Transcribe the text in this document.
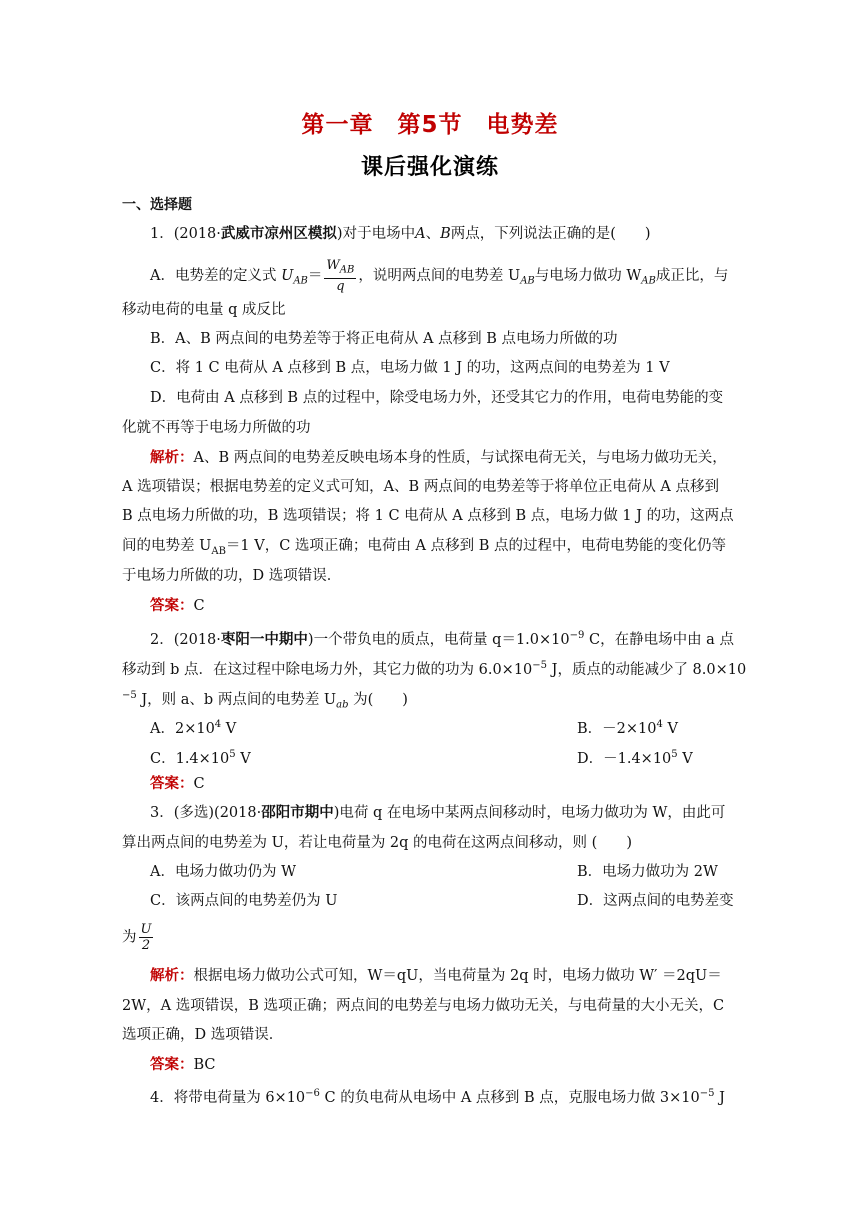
第一章　第5节　电势差
课后强化演练
一、选择题
1．(2018·武威市凉州区模拟)对于电场中A、B两点，下列说法正确的是(　　)
A．电势差的定义式 $U_{AB}= \frac{W_{AB}}{q}$ ，说明两点间的电势差 $U_{AB}$与电场力做功 $W_{AB}$成正比，与
移动电荷的电量 q 成反比
B．A、B 两点间的电势差等于将正电荷从 A 点移到 B 点电场力所做的功
C．将 1 C 电荷从 A 点移到 B 点，电场力做 1 J 的功，这两点间的电势差为 1 V
D．电荷由 A 点移到 B 点的过程中，除受电场力外，还受其它力的作用，电荷电势能的变
化就不再等于电场力所做的功
解析：A、B 两点间的电势差反映电场本身的性质，与试探电荷无关，与电场力做功无关，
A 选项错误；根据电势差的定义式可知，A、B 两点间的电势差等于将单位正电荷从 A 点移到
B 点电场力所做的功，B 选项错误；将 1 C 电荷从 A 点移到 B 点，电场力做 1 J 的功，这两点
间的电势差 $U_{AB}=1$ V，C 选项正确；电荷由 A 点移到 B 点的过程中，电荷电势能的变化仍等
于电场力所做的功，D 选项错误．
答案：C
2．(2018·枣阳一中期中)一个带负电的质点，电荷量 $q=1.0\times 10^{-9}$ C，在静电场中由 a 点
移动到 b 点．在这过程中除电场力外，其它力做的功为 $6.0\times 10^{-5}$ J，质点的动能减少了 8.0×10
$^{-5}$ J，则 a、b 两点间的电势差 $U_{ab}$ 为(　　)
A．$2\times 10^4$ V	B．$-2\times 10^4$ V
C．$1.4\times 10^5$ V	D．$-1.4\times 10^5$ V
答案：C
3．(多选)(2018·邵阳市期中)电荷 q 在电场中某两点间移动时，电场力做功为 W，由此可
算出两点间的电势差为 U，若让电荷量为 2q 的电荷在这两点间移动，则 (　　)
A．电场力做功仍为 W	B．电场力做功为 2W
C．该两点间的电势差仍为 U	D．这两点间的电势差变
为 $\frac{U}{2}$
解析：根据电场力做功公式可知，W＝qU，当电荷量为 2q 时，电场力做功 W′ ＝2qU＝
2W，A 选项错误，B 选项正确；两点间的电势差与电场力做功无关，与电荷量的大小无关，C
选项正确，D 选项错误．
答案：BC
4．将带电荷量为 $6\times 10^{-6}$ C 的负电荷从电场中 A 点移到 B 点，克服电场力做 $3\times 10^{-5}$ J
